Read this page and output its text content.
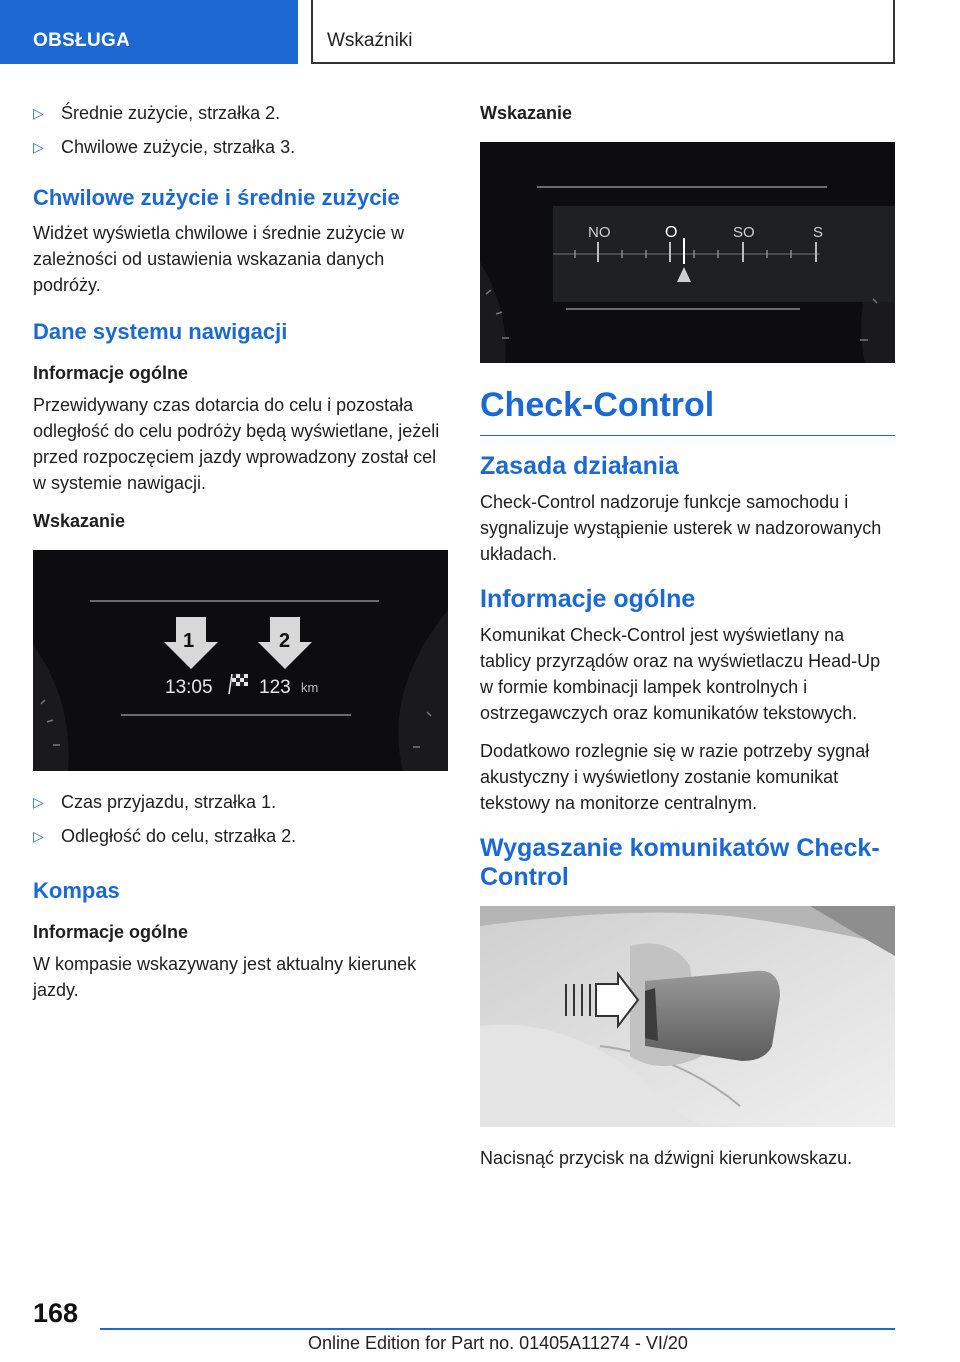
OBSŁUGA	Wskaźniki
▷ Średnie zużycie, strzałka 2.
▷ Chwilowe zużycie, strzałka 3.
Chwilowe zużycie i średnie zużycie

Widżet wyświetla chwilowe i średnie zużycie w zależności od ustawienia wskazania danych podróży.

Dane systemu nawigacji
Informacje ogólne

Przewidywany czas dotarcia do celu i pozostała odległość do celu podróży będą wyświetlane, jeżeli przed rozpoczęciem jazdy wprowadzony został cel w systemie nawigacji.

Wskazanie
1	2
13:05 123 km
▷ Czas przyjazdu, strzałka 1.
▷ Odległość do celu, strzałka 2.
Kompas
Informacje ogólne

W kompasie wskazywany jest aktualny kierunek jazdy.

Wskazanie
NO	O	SO	S
Check-Control
Zasada działania

Check-Control nadzoruje funkcje samochodu i sygnalizuje wystąpienie usterek w nadzorowanych układach.

Informacje ogólne

Komunikat Check-Control jest wyświetlany na tablicy przyrządów oraz na wyświetlaczu Head-Up w formie kombinacji lampek kontrolnych i ostrzegawczych oraz komunikatów tekstowych.

Dodatkowo rozlegnie się w razie potrzeby sygnał akustyczny i wyświetlony zostanie komunikat tekstowy na monitorze centralnym.

Wygaszanie komunikatów Check-Control

Nacisnąć przycisk na dźwigni kierunkowskazu.

168
Online Edition for Part no. 01405A11274 - VI/20
